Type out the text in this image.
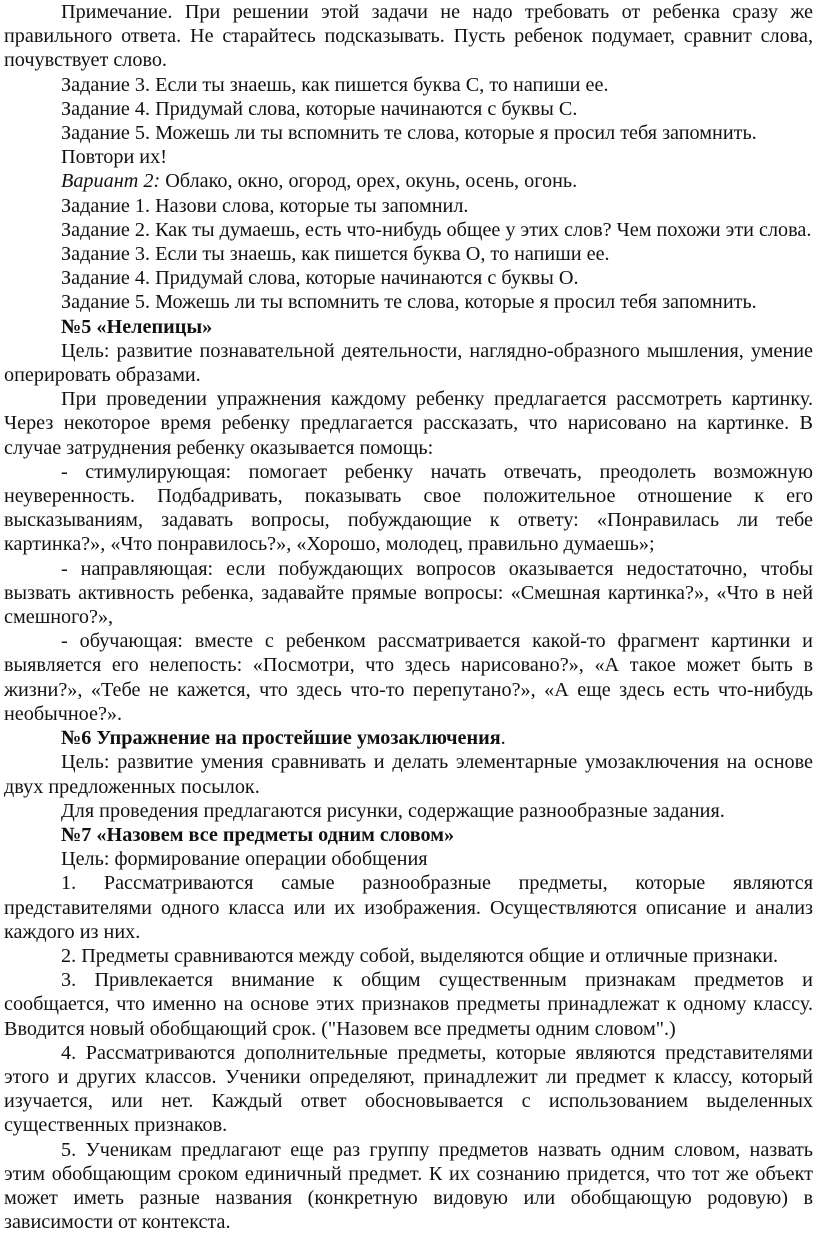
Примечание. При решении этой задачи не надо требовать от ребенка сразу же правильного ответа. Не старайтесь подсказывать. Пусть ребенок подумает, сравнит слова, почувствует слово.

Задание 3. Если ты знаешь, как пишется буква С, то напиши ее.

Задание 4. Придумай слова, которые начинаются с буквы С.

Задание 5. Можешь ли ты вспомнить те слова, которые я просил тебя запомнить.

Повтори их!

Вариант 2: Облако, окно, огород, орех, окунь, осень, огонь.

Задание 1. Назови слова, которые ты запомнил.

Задание 2. Как ты думаешь, есть что-нибудь общее у этих слов? Чем похожи эти слова.

Задание 3. Если ты знаешь, как пишется буква О, то напиши ее.

Задание 4. Придумай слова, которые начинаются с буквы О.

Задание 5. Можешь ли ты вспомнить те слова, которые я просил тебя запомнить.

№5 «Нелепицы»

Цель: развитие познавательной деятельности, наглядно-образного мышления, умение оперировать образами.

При проведении упражнения каждому ребенку предлагается рассмотреть картинку. Через некоторое время ребенку предлагается рассказать, что нарисовано на картинке. В случае затруднения ребенку оказывается помощь:

- стимулирующая: помогает ребенку начать отвечать, преодолеть возможную неуверенность. Подбадривать, показывать свое положительное отношение к его высказываниям, задавать вопросы, побуждающие к ответу: «Понравилась ли тебе картинка?», «Что понравилось?», «Хорошо, молодец, правильно думаешь»;

- направляющая: если побуждающих вопросов оказывается недостаточно, чтобы вызвать активность ребенка, задавайте прямые вопросы: «Смешная картинка?», «Что в ней смешного?»,

- обучающая: вместе с ребенком рассматривается какой-то фрагмент картинки и выявляется его нелепость: «Посмотри, что здесь нарисовано?», «А такое может быть в жизни?», «Тебе не кажется, что здесь что-то перепутано?», «А еще здесь есть что-нибудь необычное?».

№6 Упражнение на простейшие умозаключения.

Цель: развитие умения сравнивать и делать элементарные умозаключения на основе двух предложенных посылок.

Для проведения предлагаются рисунки, содержащие разнообразные задания.

№7 «Назовем все предметы одним словом»

Цель: формирование операции обобщения

1. Рассматриваются самые разнообразные предметы, которые являются представителями одного класса или их изображения. Осуществляются описание и анализ каждого из них.

2. Предметы сравниваются между собой, выделяются общие и отличные признаки.

3. Привлекается внимание к общим существенным признакам предметов и сообщается, что именно на основе этих признаков предметы принадлежат к одному классу. Вводится новый обобщающий срок. ("Назовем все предметы одним словом".)

4. Рассматриваются дополнительные предметы, которые являются представителями этого и других классов. Ученики определяют, принадлежит ли предмет к классу, который изучается, или нет. Каждый ответ обосновывается с использованием выделенных существенных признаков.

5. Ученикам предлагают еще раз группу предметов назвать одним словом, назвать этим обобщающим сроком единичный предмет. К их сознанию придется, что тот же объект может иметь разные названия (конкретную видовую или обобщающую родовую) в зависимости от контекста.
